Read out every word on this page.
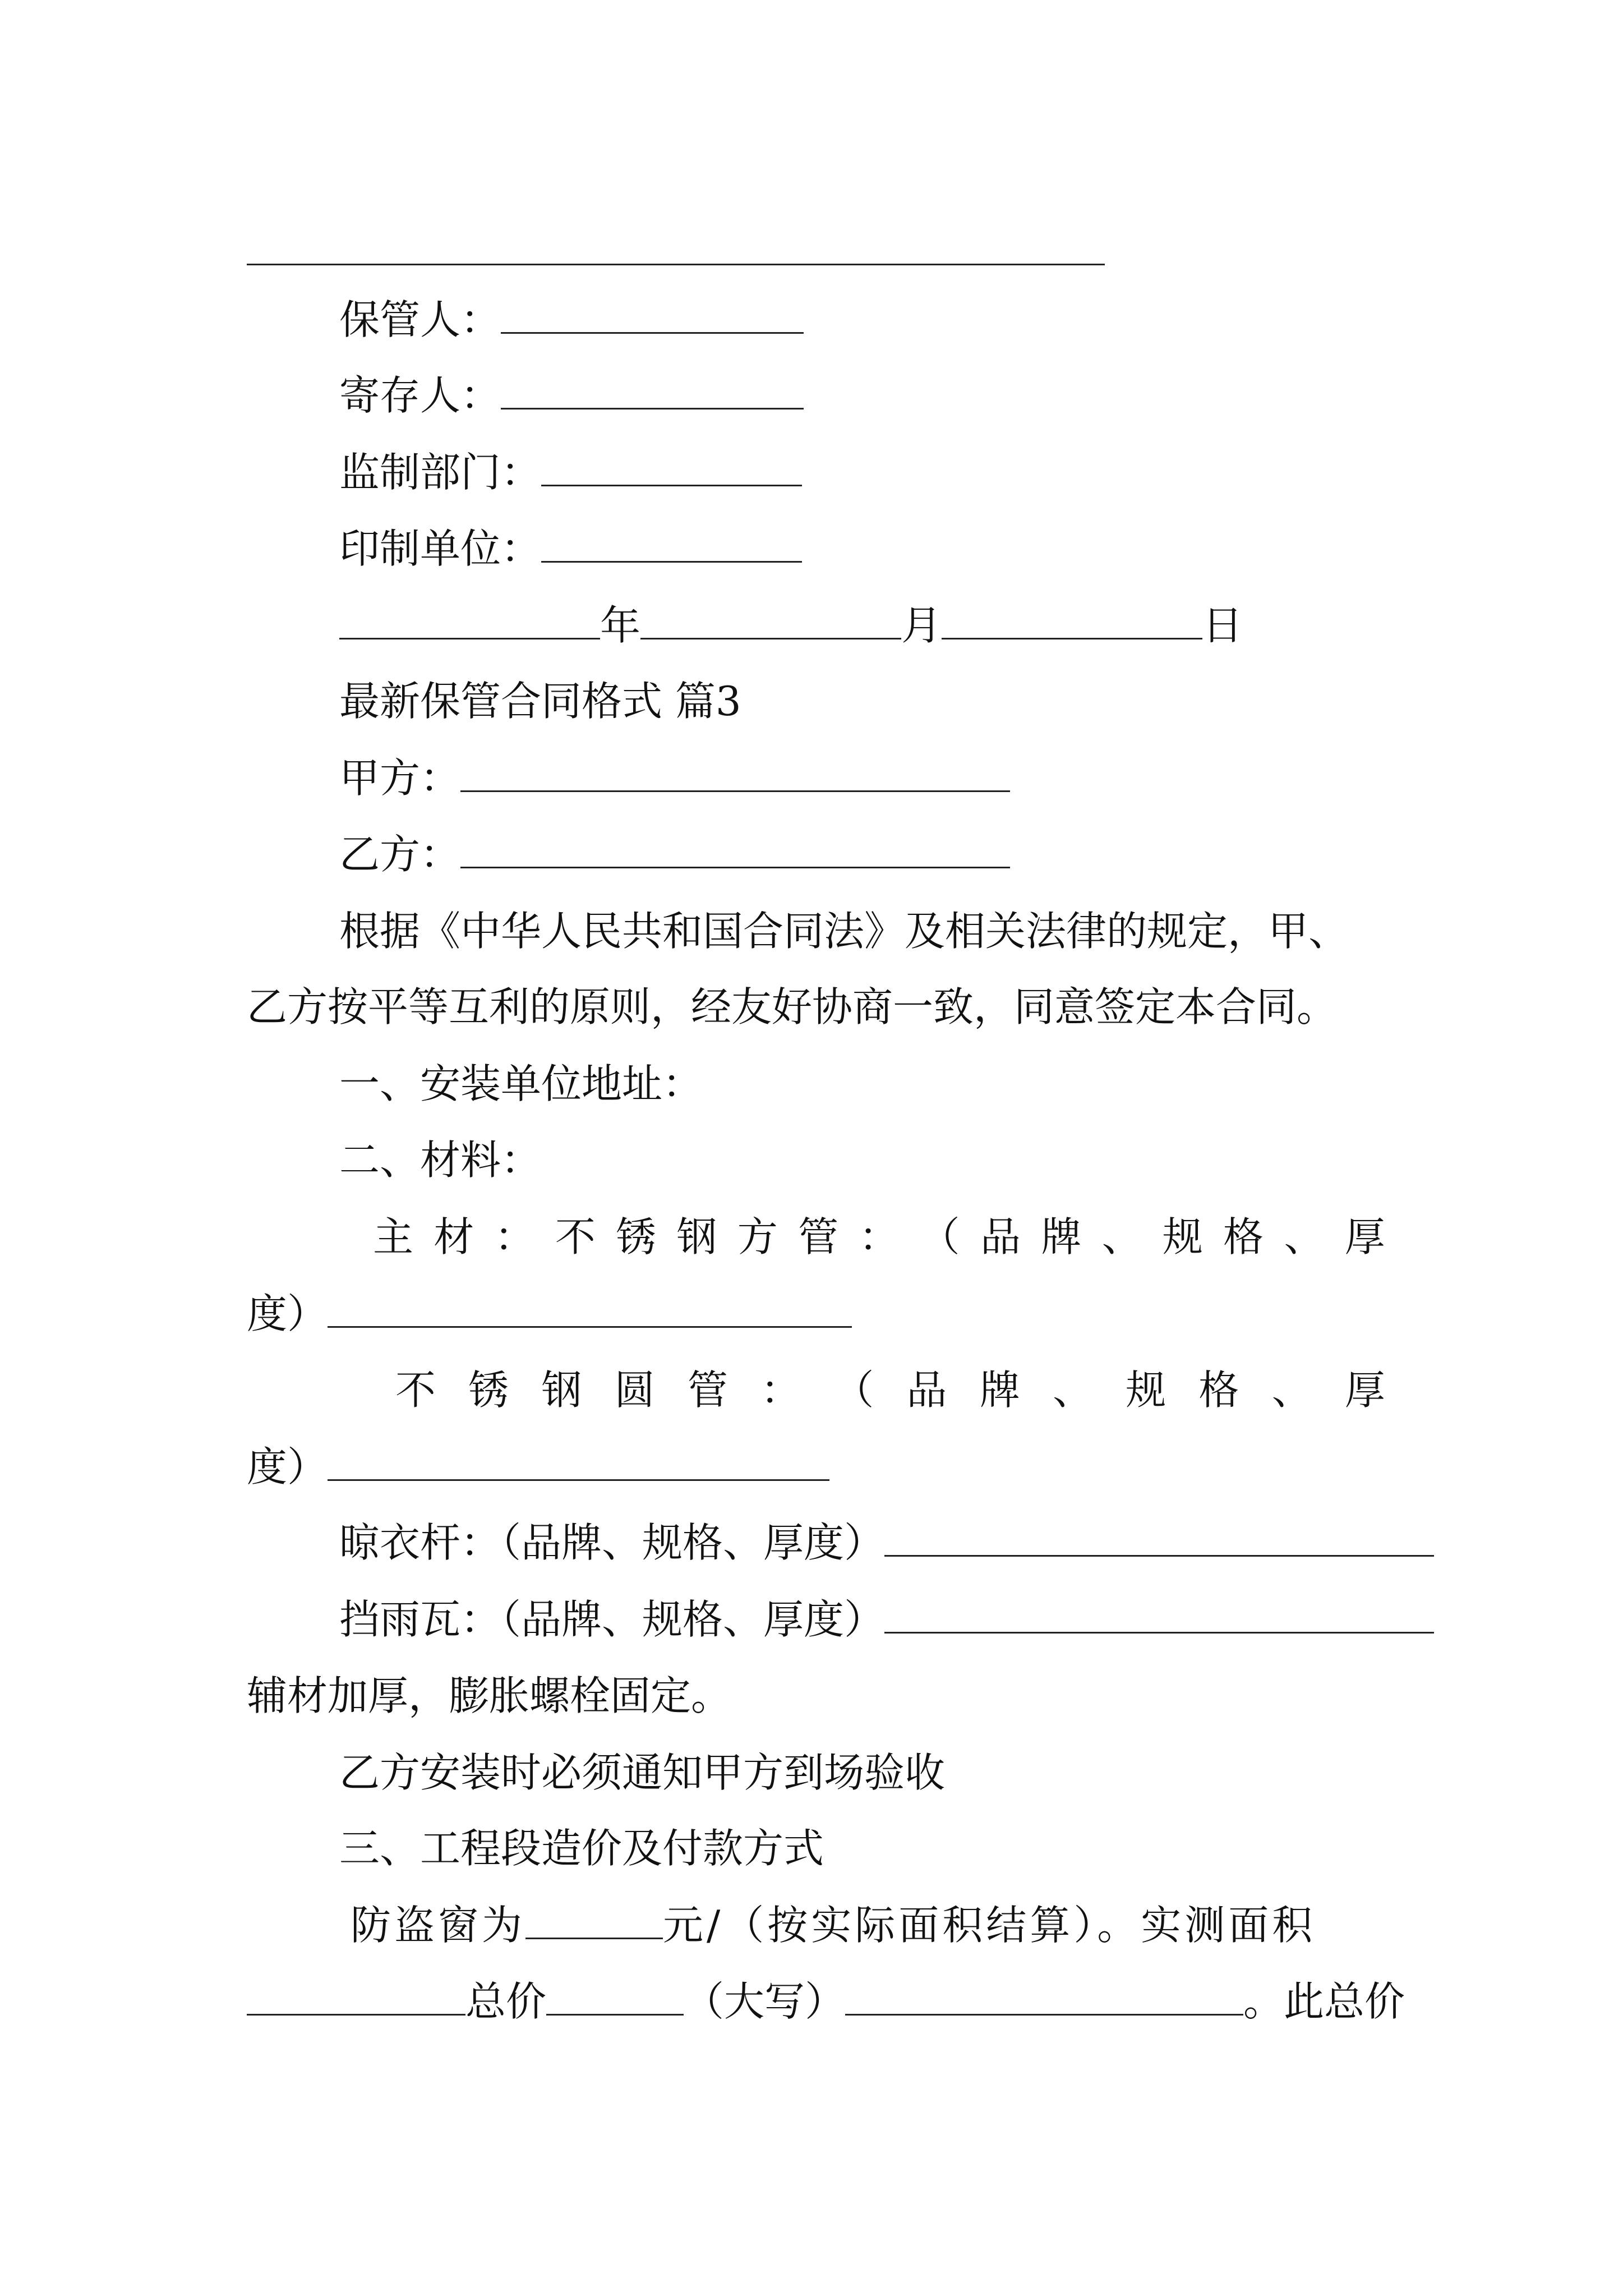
保管人：
寄存人：
监制部门：
印制单位：
年	月	日
最新保管合同格式 篇3
甲方：
乙方：
根据《中华人民共和国合同法》及相关法律的规定，甲、
乙方按平等互利的原则，经友好协商一致，同意签定本合同。
一、安装单位地址：
二、材料：
主 材 ： 不 锈 钢 方 管 ： （ 品 牌 、 规 格 、 厚
度）
不 锈 钢 圆 管 ： （ 品 牌 、 规 格 、 厚
度）
晾衣杆：（品牌、规格、厚度）
挡雨瓦：（品牌、规格、厚度）
辅材加厚，膨胀螺栓固定。
乙方安装时必须通知甲方到场验收
三、工程段造价及付款方式
防盗窗为	元/（按实际面积结算）。实测面积
总价	（大写）	。此总价
